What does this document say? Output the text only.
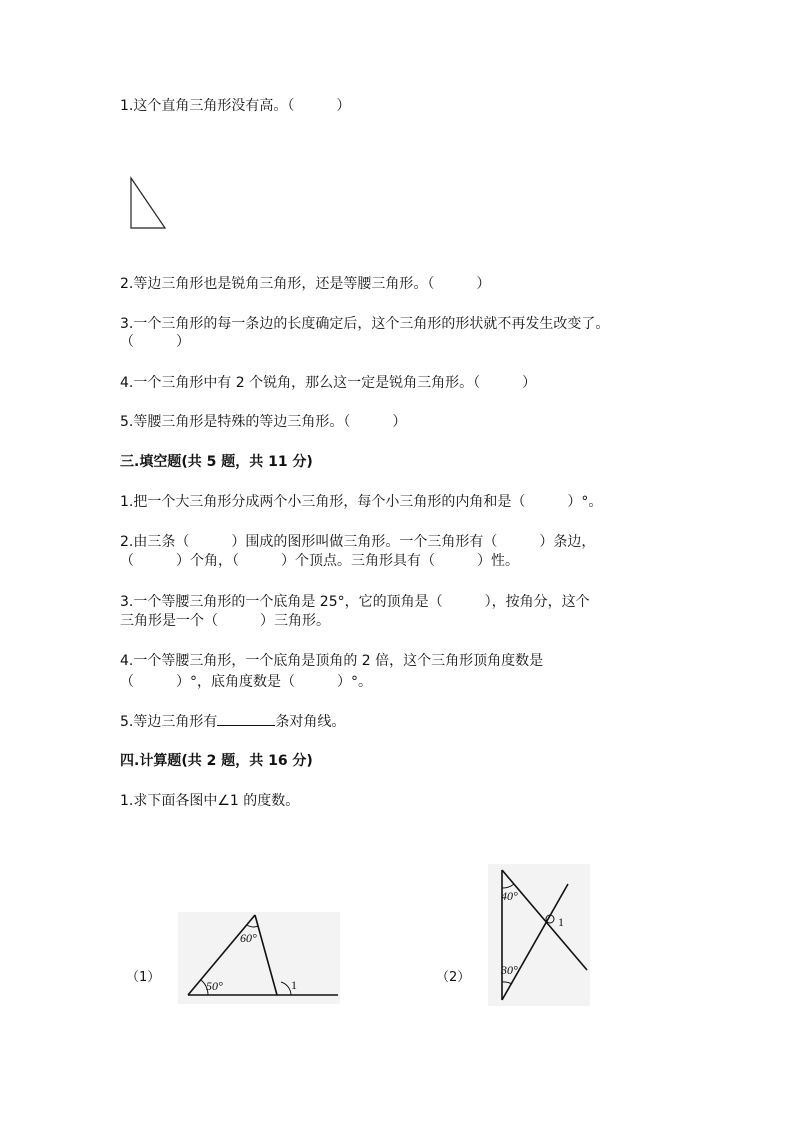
1.这个直角三角形没有高。（　　　）
2.等边三角形也是锐角三角形，还是等腰三角形。（　　　）
3.一个三角形的每一条边的长度确定后，这个三角形的形状就不再发生改变了。
（　　　）
4.一个三角形中有 2 个锐角，那么这一定是锐角三角形。（　　　）
5.等腰三角形是特殊的等边三角形。（　　　）
三.填空题(共 5 题，共 11 分)
1.把一个大三角形分成两个小三角形，每个小三角形的内角和是（　　　）°。
2.由三条（　　　）围成的图形叫做三角形。一个三角形有（　　　）条边，
（　　　）个角，（　　　）个顶点。三角形具有（　　　）性。
3.一个等腰三角形的一个底角是 25°，它的顶角是（　　　），按角分，这个
三角形是一个（　　　）三角形。
4.一个等腰三角形，一个底角是顶角的 2 倍，这个三角形顶角度数是
（　　　）°，底角度数是（　　　）°。
5.等边三角形有	条对角线。
四.计算题(共 2 题，共 16 分)
1.求下面各图中∠1 的度数。
（1）
60°
50°	1	（2）
40°
30°
1
